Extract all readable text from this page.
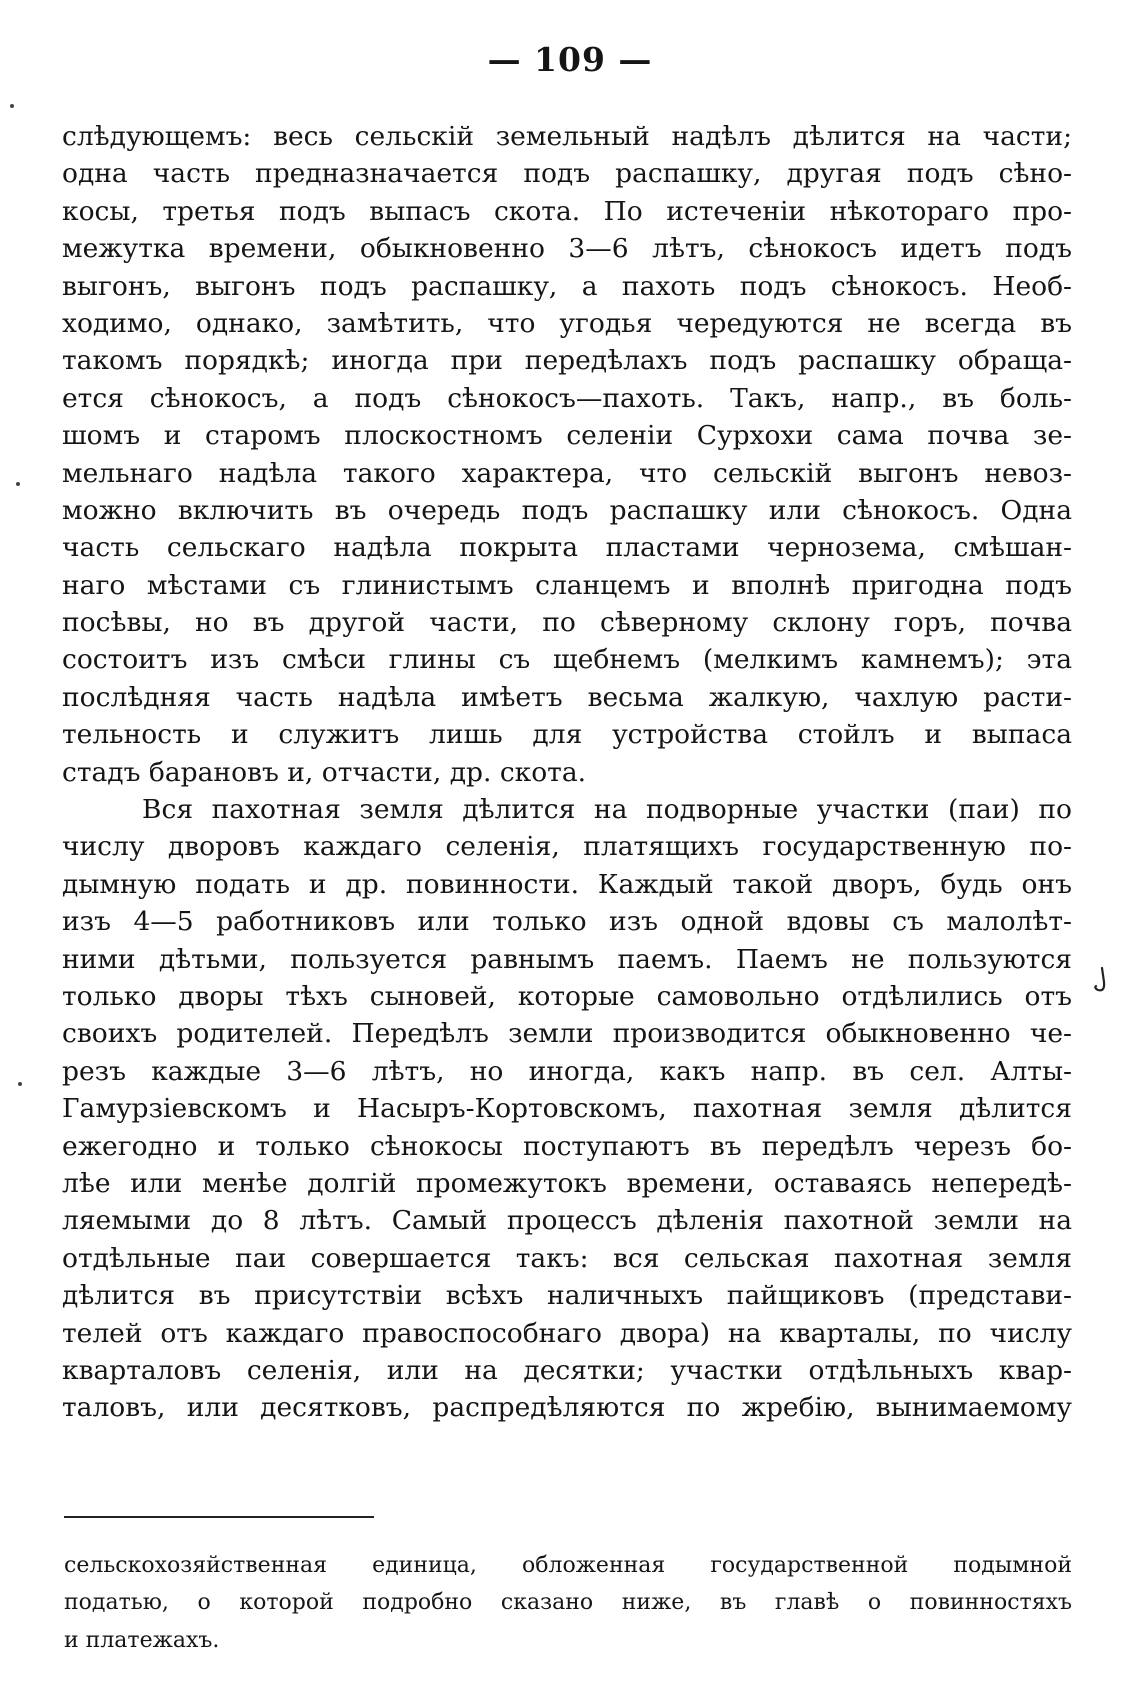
— 109 —
слѣдующемъ: весь сельскій земельный надѣлъ дѣлится на части;
одна часть предназначается подъ распашку, другая подъ сѣно-
косы, третья подъ выпасъ скота. По истеченіи нѣкотораго про-
межутка времени, обыкновенно 3—6 лѣтъ, сѣнокосъ идетъ подъ
выгонъ, выгонъ подъ распашку, а пахоть подъ сѣнокосъ. Необ-
ходимо, однако, замѣтить, что угодья чередуются не всегда въ
такомъ порядкѣ; иногда при передѣлахъ подъ распашку обраща-
ется сѣнокосъ, а подъ сѣнокосъ—пахоть. Такъ, напр., въ боль-
шомъ и старомъ плоскостномъ селеніи Сурхохи сама почва зе-
мельнаго надѣла такого характера, что сельскій выгонъ невоз-
можно включить въ очередь подъ распашку или сѣнокосъ. Одна
часть сельскаго надѣла покрыта пластами чернозема, смѣшан-
наго мѣстами съ глинистымъ сланцемъ и вполнѣ пригодна подъ
посѣвы, но въ другой части, по сѣверному склону горъ, почва
состоитъ изъ смѣси глины съ щебнемъ (мелкимъ камнемъ); эта
послѣдняя часть надѣла имѣетъ весьма жалкую, чахлую расти-
тельность и служитъ лишь для устройства стойлъ и выпаса
стадъ барановъ и, отчасти, др. скота.
Вся пахотная земля дѣлится на подворные участки (паи) по
числу дворовъ каждаго селенія, платящихъ государственную по-
дымную подать и др. повинности. Каждый такой дворъ, будь онъ
изъ 4—5 работниковъ или только изъ одной вдовы съ малолѣт-
ними дѣтьми, пользуется равнымъ паемъ. Паемъ не пользуются
только дворы тѣхъ сыновей, которые самовольно отдѣлились отъ
своихъ родителей. Передѣлъ земли производится обыкновенно че-
резъ каждые 3—6 лѣтъ, но иногда, какъ напр. въ сел. Алты-
Гамурзіевскомъ и Насыръ-Кортовскомъ, пахотная земля дѣлится
ежегодно и только сѣнокосы поступаютъ въ передѣлъ черезъ бо-
лѣе или менѣе долгій промежутокъ времени, оставаясь непередѣ-
ляемыми до 8 лѣтъ. Самый процессъ дѣленія пахотной земли на
отдѣльные паи совершается такъ: вся сельская пахотная земля
дѣлится въ присутствіи всѣхъ наличныхъ пайщиковъ (представи-
телей отъ каждаго правоспособнаго двора) на кварталы, по числу
кварталовъ селенія, или на десятки; участки отдѣльныхъ квар-
таловъ, или десятковъ, распредѣляются по жребію, вынимаемому
сельскохозяйственная единица, обложенная государственной подымной
податью, о которой подробно сказано ниже, въ главѣ о повинностяхъ
и платежахъ.
